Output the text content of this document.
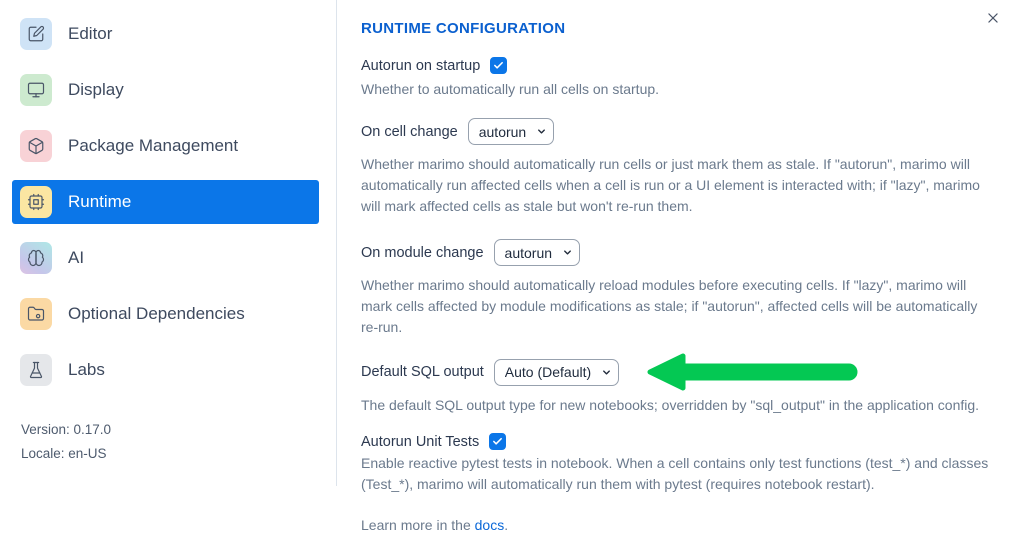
Editor
Display
Package Management
Runtime
AI
Optional Dependencies
Labs
Version: 0.17.0
Locale: en-US
RUNTIME CONFIGURATION
Autorun on startup

Whether to automatically run all cells on startup.

On cell change
autorun

Whether marimo should automatically run cells or just mark them as stale. If "autorun", marimo will automatically run affected cells when a cell is run or a UI element is interacted with; if "lazy", marimo will mark affected cells as stale but won't re-run them.

On module change
autorun

Whether marimo should automatically reload modules before executing cells. If "lazy", marimo will mark cells affected by module modifications as stale; if "autorun", affected cells will be automatically re-run.

Default SQL output
Auto (Default)

The default SQL output type for new notebooks; overridden by "sql_output" in the application config.

Autorun Unit Tests

Enable reactive pytest tests in notebook. When a cell contains only test functions (test_*) and classes (Test_*), marimo will automatically run them with pytest (requires notebook restart).

Learn more in the docs.
